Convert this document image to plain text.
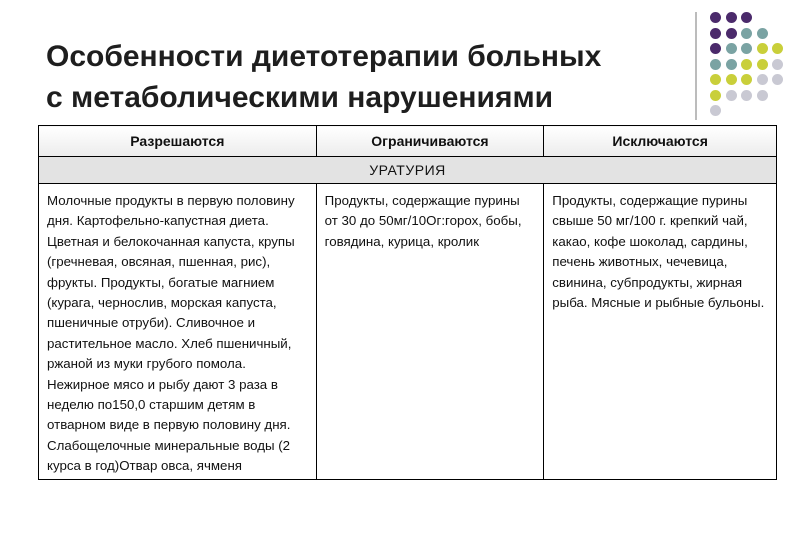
Особенности диетотерапии больных
с метаболическими нарушениями
Разрешаются	Ограничиваются	Исключаются
УРАТУРИЯ		
Молочные продукты в первую половину дня. Картофельно-капустная диета. Цветная и белокочанная капуста, крупы (гречневая, овсяная, пшенная, рис), фрукты. Продукты, богатые магнием (курага, чернослив, морская капуста, пшеничные отруби). Сливочное и растительное масло. Хлеб пшеничный, ржаной из муки грубого помола. Нежирное мясо и рыбу дают 3 раза в неделю по150,0 старшим детям в отварном виде в первую половину дня. Слабощелочные минеральные воды (2 курса в год)Отвар овса, ячменя	Продукты, содержащие пурины от 30 до 50мг/10Ог:горох, бобы, говядина, курица, кролик	Продукты, содержащие пурины свыше 50 мг/100 г. крепкий чай, какао, кофе шоколад, сардины, печень животных, чечевица, свинина, субпродукты, жирная рыба. Мясные и рыбные бульоны.
